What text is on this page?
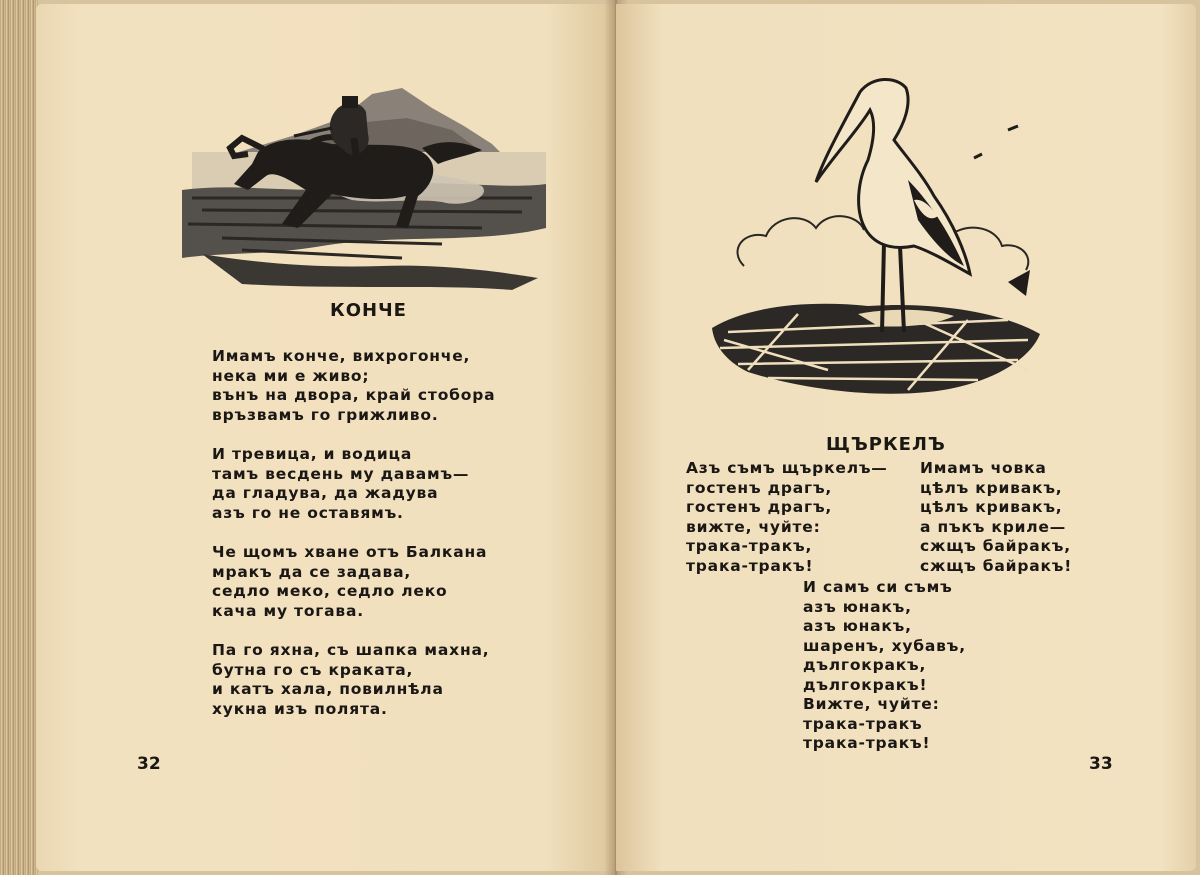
КОНЧЕ
Имамъ конче, вихрогонче,
нека ми е живо;
вънъ на двора, край стобора
връзвамъ го грижливо.
И тревица, и водица
тамъ весдень му давамъ—
да гладува, да жадува
азъ го не оставямъ.
Че щомъ хване отъ Балкана
мракъ да се задава,
седло меко, седло леко
кача му тогава.
Па го яхна, съ шапка махна,
бутна го съ краката,
и катъ хала, повилнѣла
хукна изъ полята.
32
ЩЪРКЕЛЪ
Азъ съмъ щъркелъ—
гостенъ драгъ,
гостенъ драгъ,
вижте, чуйте:
трака-тракъ,
трака-тракъ!
Имамъ човка
цѣлъ кривакъ,
цѣлъ кривакъ,
а пъкъ криле—
сжщъ байракъ,
сжщъ байракъ!
И самъ си съмъ
азъ юнакъ,
азъ юнакъ,
шаренъ, хубавъ,
дългокракъ,
дългокракъ!
Вижте, чуйте:
трака-тракъ
трака-тракъ!
33
